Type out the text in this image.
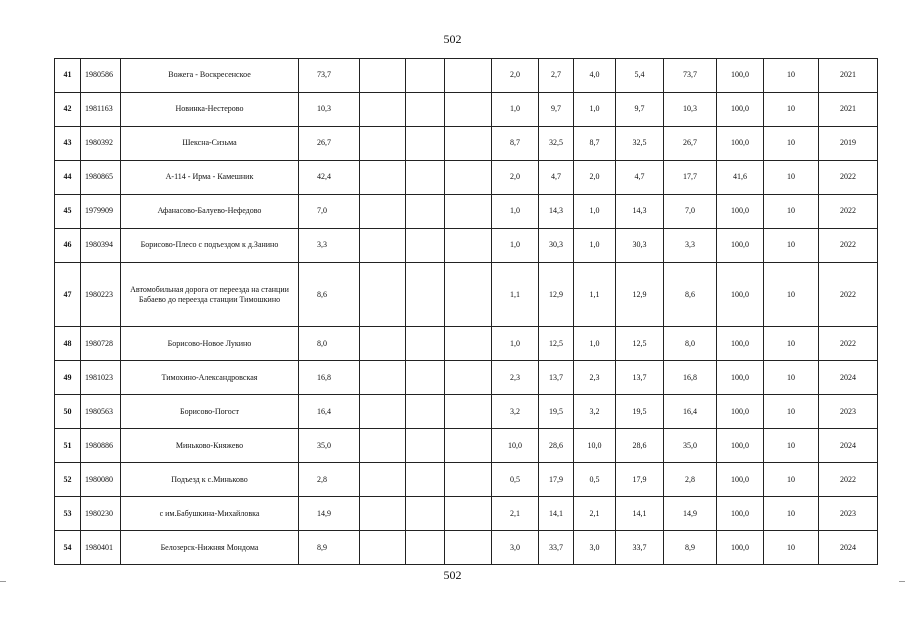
502
41	1980586	Вожега - Воскресенское	73,7				2,0	2,7	4,0	5,4	73,7	100,0	10	2021
42	1981163	Новинка-Нестерово	10,3				1,0	9,7	1,0	9,7	10,3	100,0	10	2021
43	1980392	Шексна-Сизьма	26,7				8,7	32,5	8,7	32,5	26,7	100,0	10	2019
44	1980865	А-114 - Ирма - Камешник	42,4				2,0	4,7	2,0	4,7	17,7	41,6	10	2022
45	1979909	Афанасово-Балуево-Нефедово	7,0				1,0	14,3	1,0	14,3	7,0	100,0	10	2022
46	1980394	Борисово-Плесо с подъездом к д.Занино	3,3				1,0	30,3	1,0	30,3	3,3	100,0	10	2022
47	1980223	Автомобильная дорога от переезда на станции Бабаево до переезда станции Тимошкино	8,6				1,1	12,9	1,1	12,9	8,6	100,0	10	2022
48	1980728	Борисово-Новое Лукино	8,0				1,0	12,5	1,0	12,5	8,0	100,0	10	2022
49	1981023	Тимохино-Александровская	16,8				2,3	13,7	2,3	13,7	16,8	100,0	10	2024
50	1980563	Борисово-Погост	16,4				3,2	19,5	3,2	19,5	16,4	100,0	10	2023
51	1980886	Миньково-Княжево	35,0				10,0	28,6	10,0	28,6	35,0	100,0	10	2024
52	1980080	Подъезд к с.Миньково	2,8				0,5	17,9	0,5	17,9	2,8	100,0	10	2022
53	1980230	с им.Бабушкина-Михайловка	14,9				2,1	14,1	2,1	14,1	14,9	100,0	10	2023
54	1980401	Белозерск-Нижняя Мондома	8,9				3,0	33,7	3,0	33,7	8,9	100,0	10	2024
502
